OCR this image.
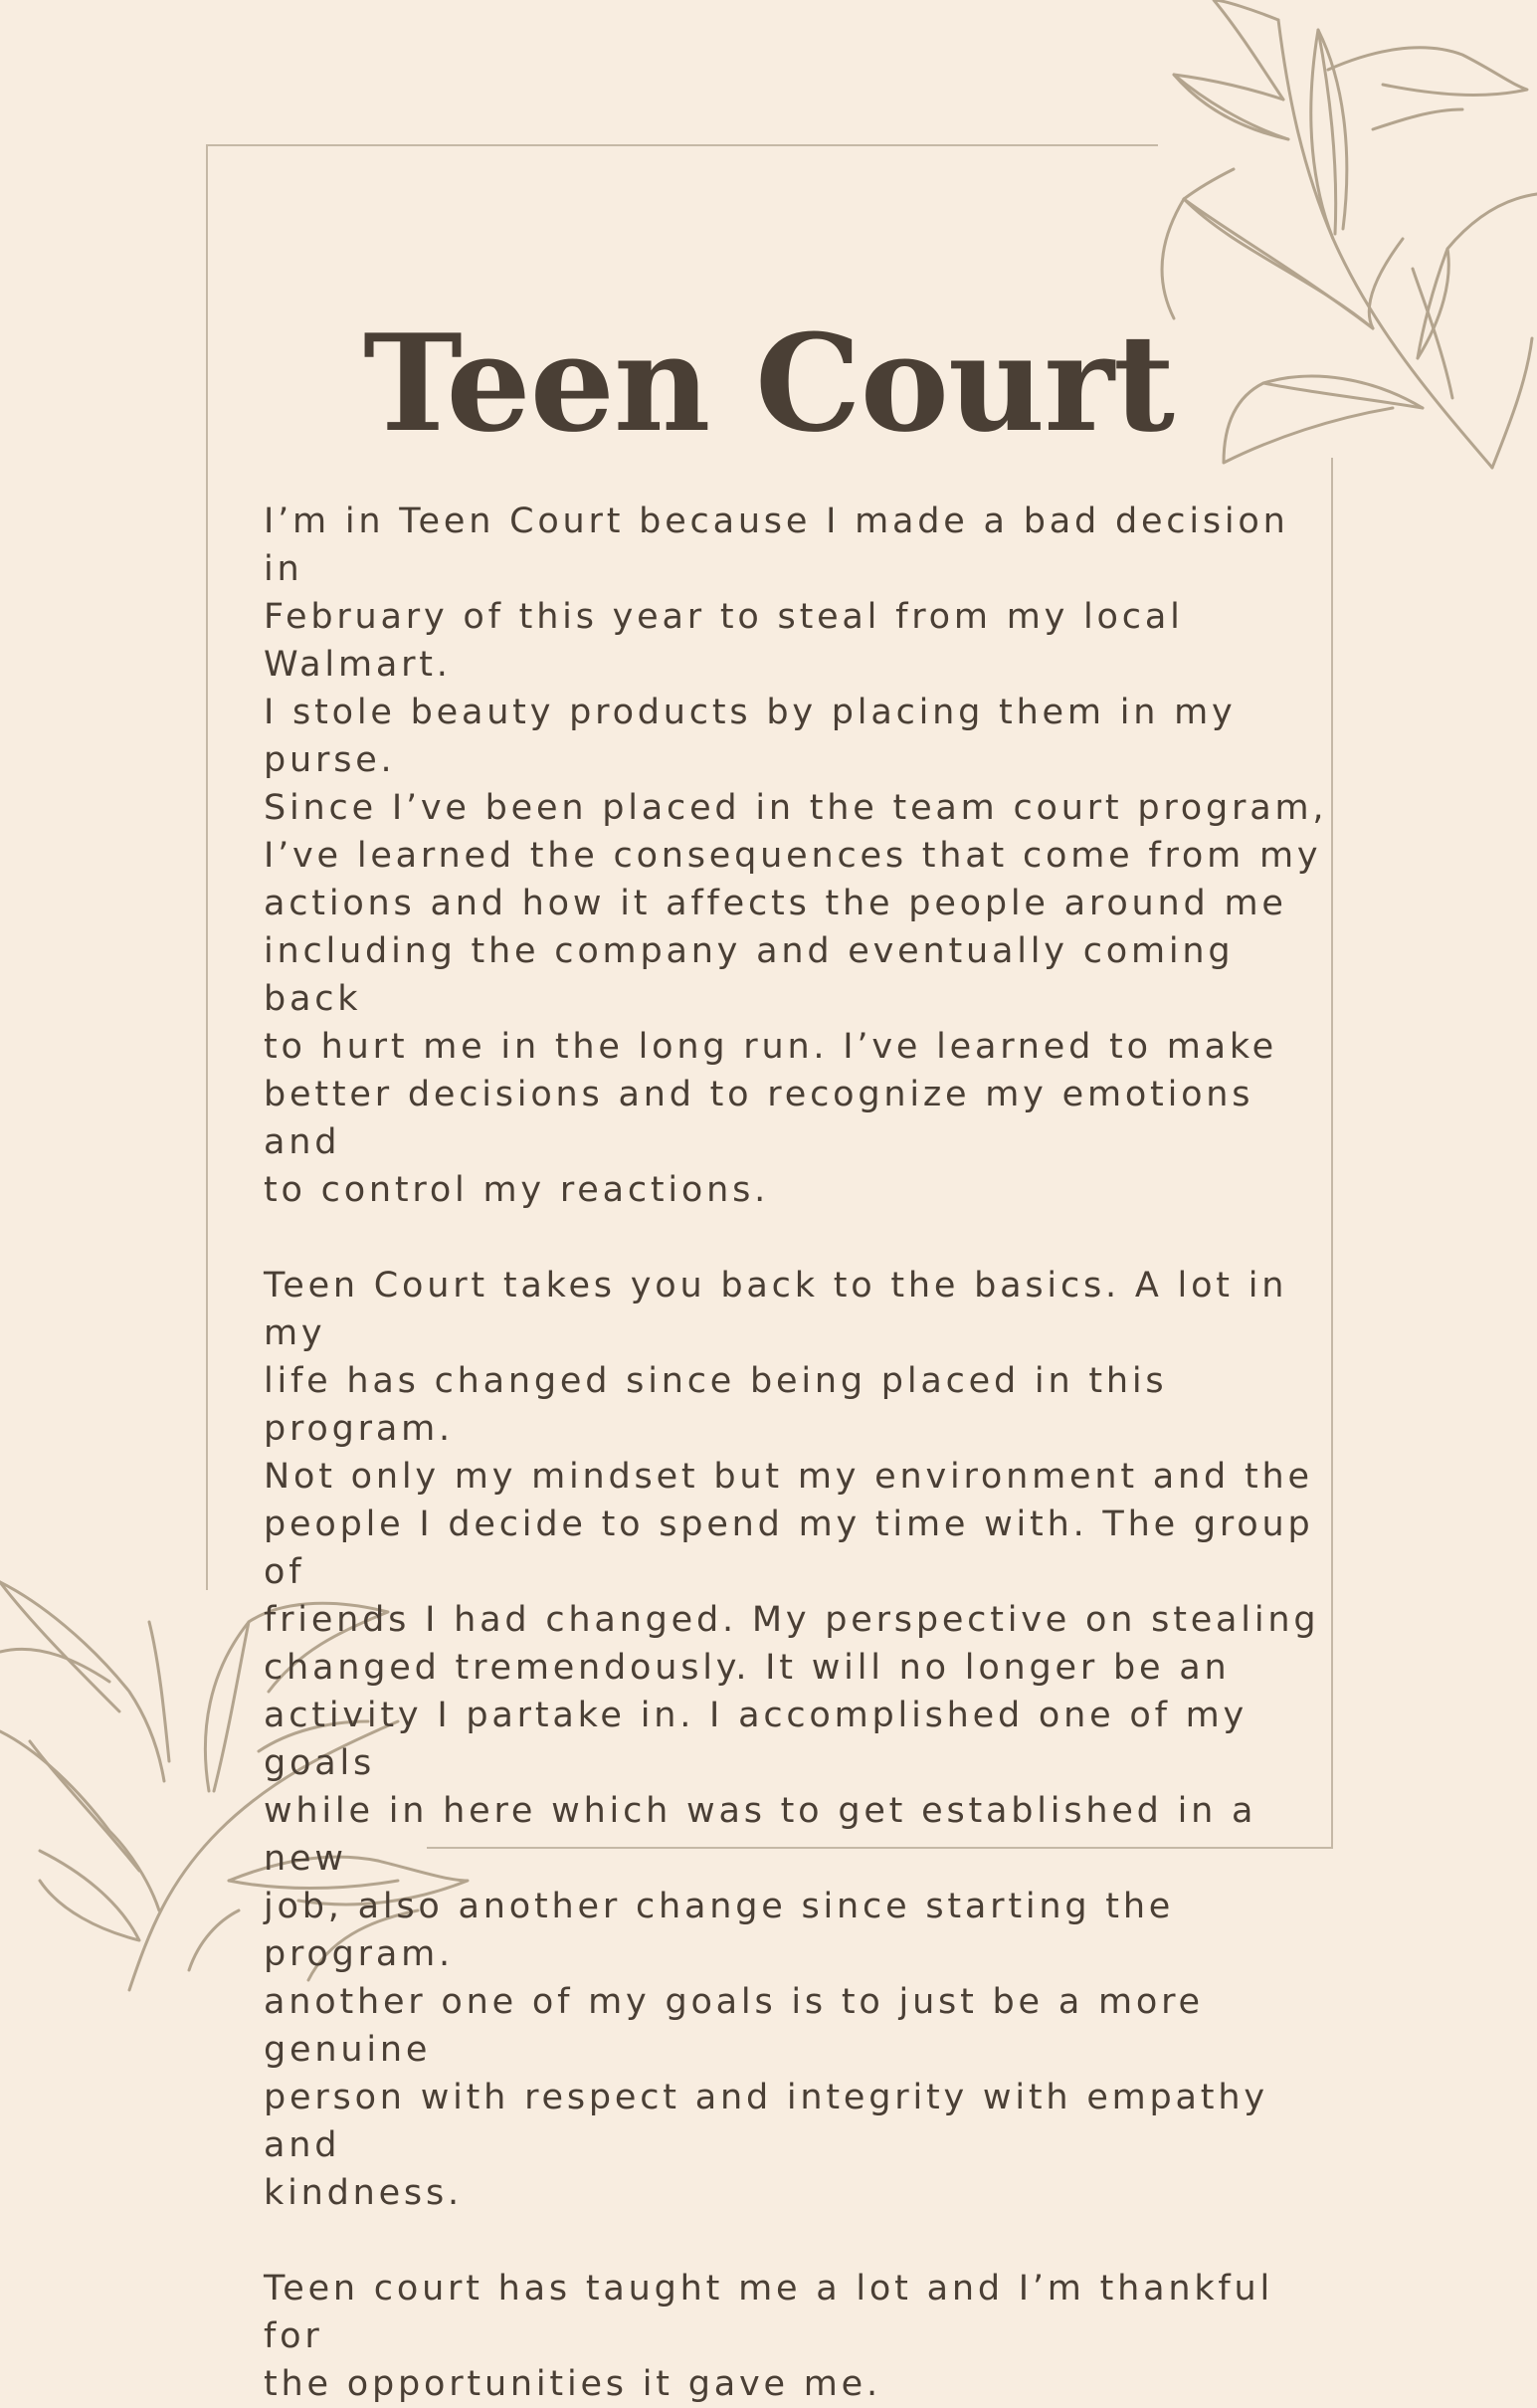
Teen Court

I’m in Teen Court because I made a bad decision in
February of this year to steal from my local Walmart.
I stole beauty products by placing them in my purse.
Since I’ve been placed in the team court program,
I’ve learned the consequences that come from my
actions and how it affects the people around me
including the company and eventually coming back
to hurt me in the long run. I’ve learned to make
better decisions and to recognize my emotions and
to control my reactions.

Teen Court takes you back to the basics. A lot in my
life has changed since being placed in this program.
Not only my mindset but my environment and the
people I decide to spend my time with. The group of
friends I had changed. My perspective on stealing
changed tremendously. It will no longer be an
activity I partake in. I accomplished one of my goals
while in here which was to get established in a new
job, also another change since starting the program.
another one of my goals is to just be a more genuine
person with respect and integrity with empathy and
kindness.

Teen court has taught me a lot and I’m thankful for
the opportunities it gave me.
